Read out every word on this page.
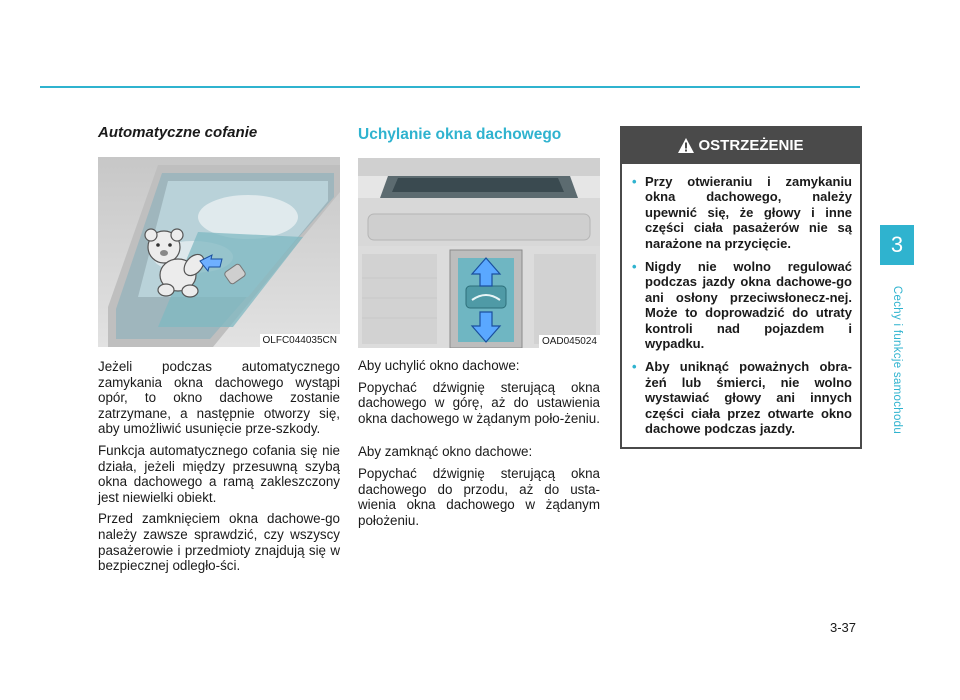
Automatyczne cofanie
OLFC044035CN

Jeżeli podczas automatycznego zamykania okna dachowego wystąpi opór, to okno dachowe zostanie zatrzymane, a następnie otworzy się, aby umożliwić usunięcie prze-szkody.

Funkcja automatycznego cofania się nie działa, jeżeli między przesuwną szybą okna dachowego a ramą zakleszczony jest niewielki obiekt.

Przed zamknięciem okna dachowe-go należy zawsze sprawdzić, czy wszyscy pasażerowie i przedmioty znajdują się w bezpiecznej odległo-ści.

Uchylanie okna dachowego
OAD045024

Aby uchylić okno dachowe:

Popychać dźwignię sterującą okna dachowego w górę, aż do ustawienia okna dachowego w żądanym poło-żeniu.

Aby zamknąć okno dachowe:

Popychać dźwignię sterującą okna dachowego do przodu, aż do usta-wienia okna dachowego w żądanym położeniu.

OSTRZEŻENIE
• Przy otwieraniu i zamykaniu okna dachowego, należy upewnić się, że głowy i inne części ciała pasażerów nie są narażone na przycięcie.
• Nigdy nie wolno regulować podczas jazdy okna dachowe-go ani osłony przeciwsłonecz-nej. Może to doprowadzić do utraty kontroli nad pojazdem i wypadku.
• Aby uniknąć poważnych obra-żeń lub śmierci, nie wolno wystawiać głowy ani innych części ciała przez otwarte okno dachowe podczas jazdy.
3
Cechy i funkcje samochodu
3-37
